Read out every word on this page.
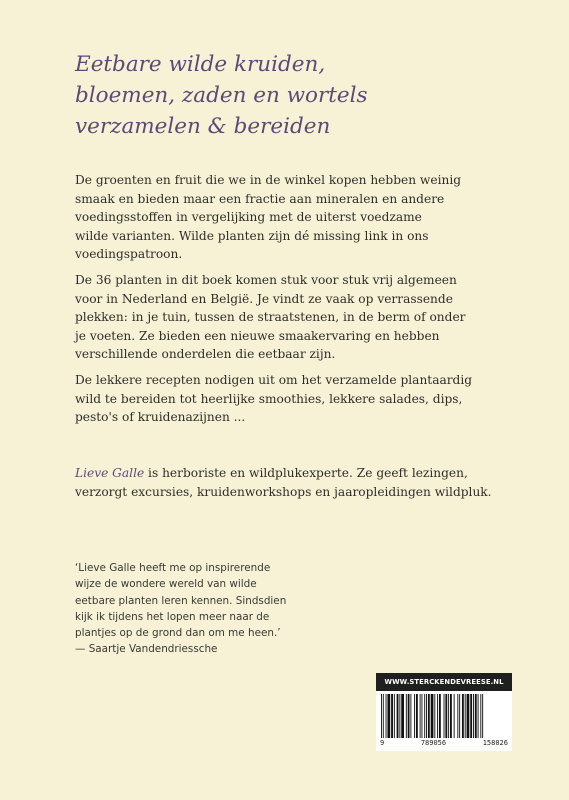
Eetbare wilde kruiden,
bloemen, zaden en wortels
verzamelen & bereiden
De groenten en fruit die we in de winkel kopen hebben weinig
smaak en bieden maar een fractie aan mineralen en andere
voedingsstoffen in vergelijking met de uiterst voedzame
wilde varianten. Wilde planten zijn dé missing link in ons
voedingspatroon.
De 36 planten in dit boek komen stuk voor stuk vrij algemeen
voor in Nederland en België. Je vindt ze vaak op verrassende
plekken: in je tuin, tussen de straatstenen, in de berm of onder
je voeten. Ze bieden een nieuwe smaakervaring en hebben
verschillende onderdelen die eetbaar zijn.
De lekkere recepten nodigen uit om het verzamelde plantaardig
wild te bereiden tot heerlijke smoothies, lekkere salades, dips,
pesto's of kruidenazijnen ...
Lieve Galle is herboriste en wildplukexperte. Ze geeft lezingen,
verzorgt excursies, kruidenworkshops en jaaropleidingen wildpluk.
‘Lieve Galle heeft me op inspirerende
wijze de wondere wereld van wilde
eetbare planten leren kennen. Sindsdien
kijk ik tijdens het lopen meer naar de
plantjes op de grond dan om me heen.’
— Saartje Vandendriessche
WWW.STERCKENDEVREESE.NL
9	789056	158026
